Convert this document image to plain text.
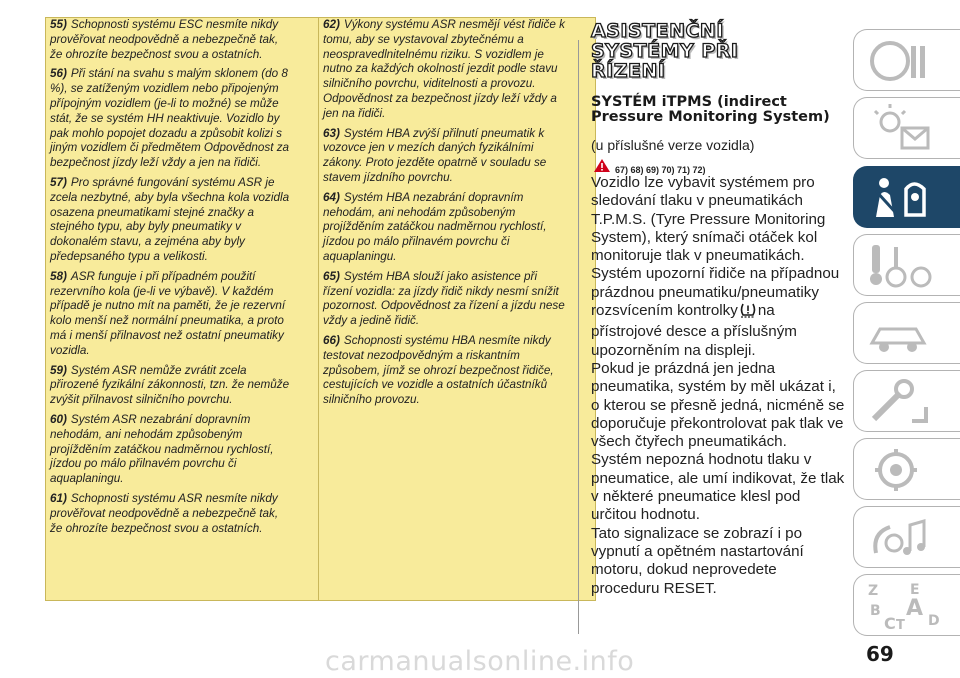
55) Schopnosti systému ESC nesmíte nikdy prověřovat neodpovědně a nebezpečně tak, že ohrozíte bezpečnost svou a ostatních.

56) Při stání na svahu s malým sklonem (do 8 %), se zatíženým vozidlem nebo připojeným přípojným vozidlem (je-li to možné) se může stát, že se systém HH neaktivuje. Vozidlo by pak mohlo popojet dozadu a způsobit kolizi s jiným vozidlem či předmětem Odpovědnost za bezpečnost jízdy leží vždy a jen na řidiči.

57) Pro správné fungování systému ASR je zcela nezbytné, aby byla všechna kola vozidla osazena pneumatikami stejné značky a stejného typu, aby byly pneumatiky v dokonalém stavu, a zejména aby byly předepsaného typu a velikosti.

58) ASR funguje i při případném použití rezervního kola (je-li ve výbavě). V každém případě je nutno mít na paměti, že je rezervní kolo menší než normální pneumatika, a proto má i menší přilnavost než ostatní pneumatiky vozidla.

59) Systém ASR nemůže zvrátit zcela přirozené fyzikální zákonnosti, tzn. že nemůže zvýšit přilnavost silničního povrchu.

60) Systém ASR nezabrání dopravním nehodám, ani nehodám způsobeným projížděním zatáčkou nadměrnou rychlostí, jízdou po málo přilnavém povrchu či aquaplaningu.

61) Schopnosti systému ASR nesmíte nikdy prověřovat neodpovědně a nebezpečně tak, že ohrozíte bezpečnost svou a ostatních.

62) Výkony systému ASR nesmějí vést řidiče k tomu, aby se vystavoval zbytečnému a neospravedlnitelnému riziku. S vozidlem je nutno za každých okolností jezdit podle stavu silničního povrchu, viditelnosti a provozu. Odpovědnost za bezpečnost jízdy leží vždy a jen na řidiči.

63) Systém HBA zvýší přilnutí pneumatik k vozovce jen v mezích daných fyzikálními zákony. Proto jezděte opatrně v souladu se stavem jízdního povrchu.

64) Systém HBA nezabrání dopravním nehodám, ani nehodám způsobeným projížděním zatáčkou nadměrnou rychlostí, jízdou po málo přilnavém povrchu či aquaplaningu.

65) Systém HBA slouží jako asistence při řízení vozidla: za jízdy řidič nikdy nesmí snížit pozornost. Odpovědnost za řízení a jízdu nese vždy a jedině řidič.

66) Schopnosti systému HBA nesmíte nikdy testovat nezodpovědným a riskantním způsobem, jímž se ohrozí bezpečnost řidiče, cestujících ve vozidle a ostatních účastníků silničního provozu.

ASISTENČNÍ SYSTÉMY PŘI ŘÍZENÍ
SYSTÉM iTPMS (indirect Pressure Monitoring System)
(u příslušné verze vozidla)
67) 68) 69) 70) 71) 72)

Vozidlo lze vybavit systémem pro sledování tlaku v pneumatikách T.P.M.S. (Tyre Pressure Monitoring System), který snímači otáček kol monitoruje tlak v pneumatikách. Systém upozorní řidiče na případnou prázdnou pneumatiku/pneumatiky rozsvícením kontrolky na přístrojové desce a příslušným upozorněním na displeji.

Pokud je prázdná jen jedna pneumatika, systém by měl ukázat i, o kterou se přesně jedná, nicméně se doporučuje překontrolovat pak tlak ve všech čtyřech pneumatikách.

Systém nepozná hodnotu tlaku v pneumatice, ale umí indikovat, že tlak v některé pneumatice klesl pod určitou hodnotu.

Tato signalizace se zobrazí i po vypnutí a opětném nastartování motoru, dokud neprovedete proceduru RESET.	Z E
B A
C T D
69
carmanualsonline.info
